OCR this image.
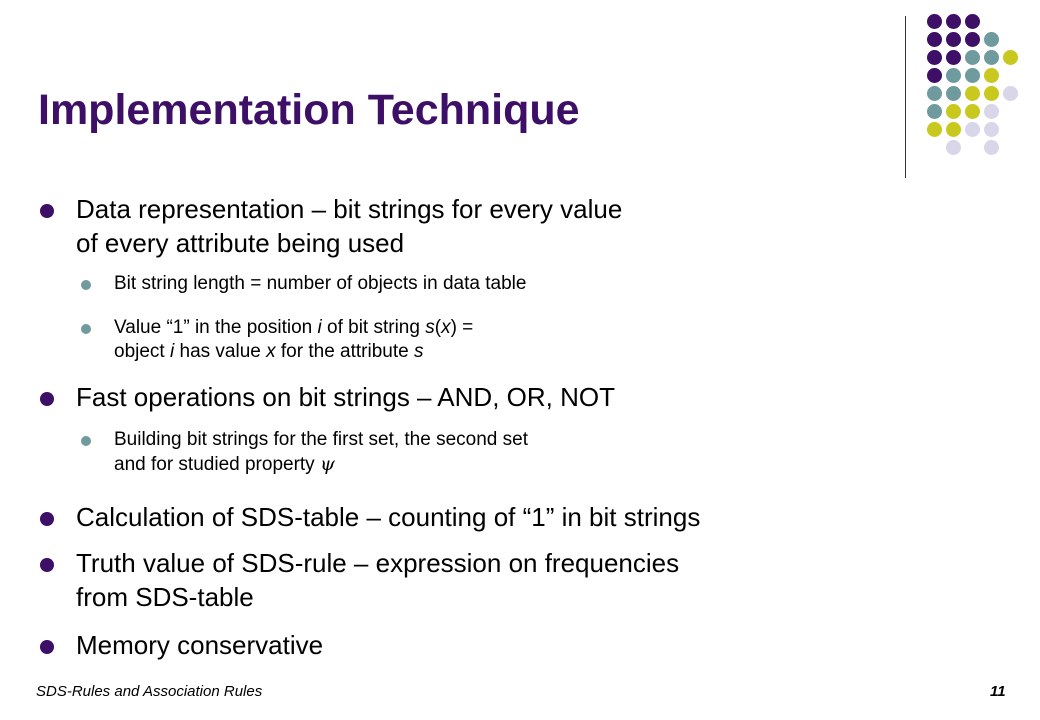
Implementation Technique
Data representation – bit strings for every value
of every attribute being used
Bit string length = number of objects in data table
Value “1” in the position i of bit string s(x) =
object i has value x for the attribute s
Fast operations on bit strings – AND, OR, NOT
Building bit strings for the first set, the second set
and for studied property ψ
Calculation of SDS-table – counting of “1” in bit strings
Truth value of SDS-rule – expression on frequencies
from SDS-table
Memory conservative
SDS-Rules and Association Rules	11
